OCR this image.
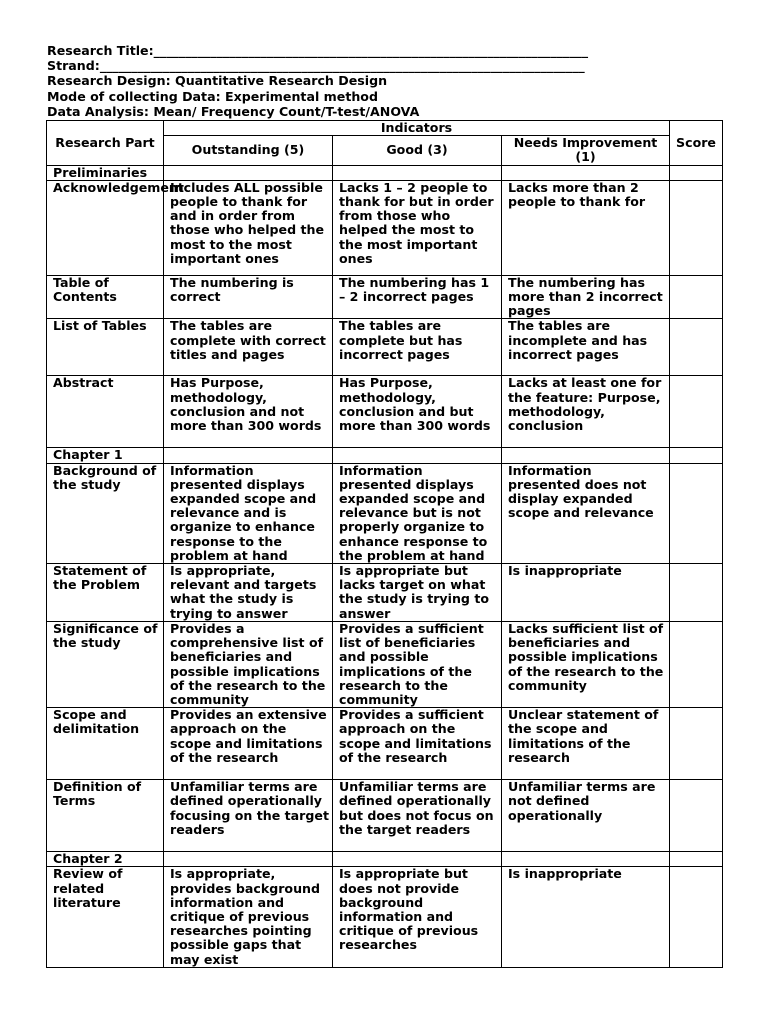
Research Title:_____________________________________________________________________
Strand:_____________________________________________________________________________
Research Design: Quantitative Research Design
Mode of collecting Data: Experimental method
Data Analysis: Mean/ Frequency Count/T-test/ANOVA
Research Part	Indicators			Score
	Outstanding (5)	Good (3)	Needs Improvement (1)	
Preliminaries				
Acknowledgement	Includes ALL possible people to thank for and in order from those who helped the most to the most important ones	Lacks 1 – 2 people to thank for but in order from those who helped the most to the most important ones	Lacks more than 2 people to thank for	
Table of Contents	The numbering is correct	The numbering has 1 – 2 incorrect pages	The numbering has more than 2 incorrect pages	
List of Tables	The tables are complete with correct titles and pages	The tables are complete but has incorrect pages	The tables are incomplete and has incorrect pages	
Abstract	Has Purpose, methodology, conclusion and not more than 300 words	Has Purpose, methodology, conclusion and but more than 300 words	Lacks at least one for the feature: Purpose, methodology, conclusion	
Chapter 1				
Background of the study	Information presented displays expanded scope and relevance and is organize to enhance response to the problem at hand	Information presented displays expanded scope and relevance but is not properly organize to enhance response to the problem at hand	Information presented does not display expanded scope and relevance	
Statement of the Problem	Is appropriate, relevant and targets what the study is trying to answer	Is appropriate but lacks target on what the study is trying to answer	Is inappropriate	
Significance of the study	Provides a comprehensive list of beneficiaries and possible implications of the research to the community	Provides a sufficient list of beneficiaries and possible implications of the research to the community	Lacks sufficient list of beneficiaries and possible implications of the research to the community	
Scope and delimitation	Provides an extensive approach on the scope and limitations of the research	Provides a sufficient approach on the scope and limitations of the research	Unclear statement of the scope and limitations of the research	
Definition of Terms	Unfamiliar terms are defined operationally focusing on the target readers	Unfamiliar terms are defined operationally but does not focus on the target readers	Unfamiliar terms are not defined operationally	
Chapter 2				
Review of related literature	Is appropriate, provides background information and critique of previous researches pointing possible gaps that may exist	Is appropriate but does not provide background information and critique of previous researches	Is inappropriate	
